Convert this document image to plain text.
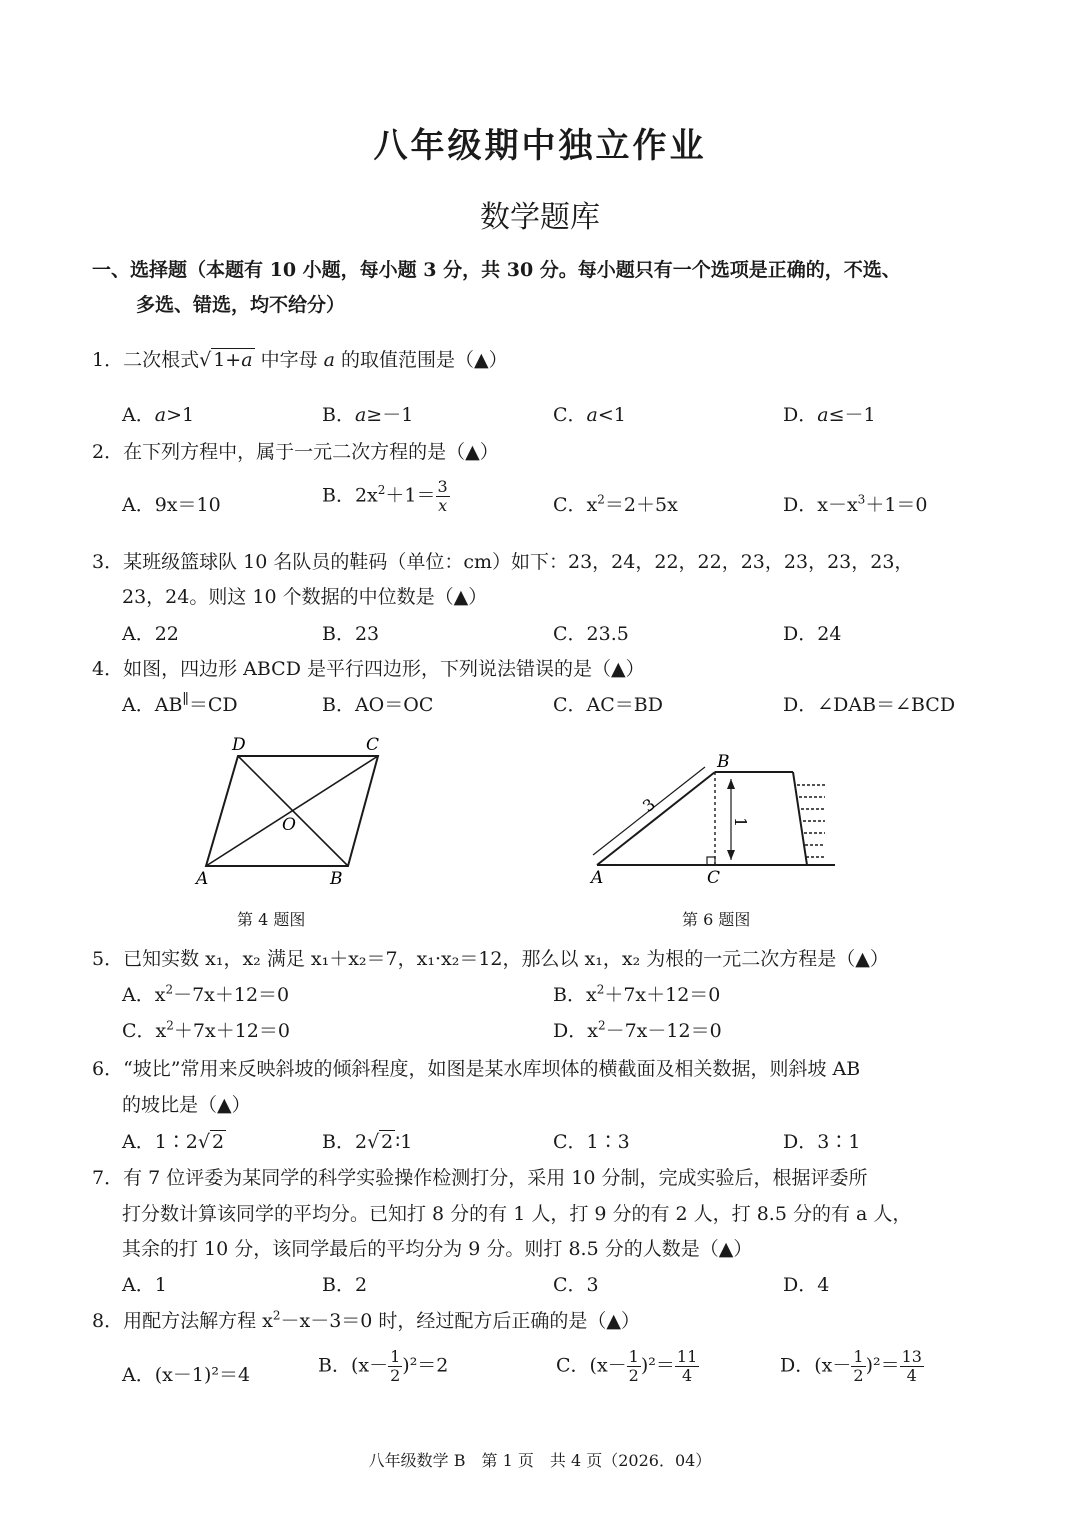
八年级期中独立作业
数学题库
一、选择题（本题有 10 小题，每小题 3 分，共 30 分。每小题只有一个选项是正确的，不选、
多选、错选，均不给分）
1．二次根式√ 1+a 中字母 a 的取值范围是（▲）
A．a>1	B．a≥－1	C．a<1	D．a≤－1
2．在下列方程中，属于一元二次方程的是（▲）
A．9x＝10	B．$2x^2+1= \frac{3}{x}$	C．$x^2=2+5x$	D．$x-x^3+1=0$
3．某班级篮球队 10 名队员的鞋码（单位：cm）如下：23，24，22，22，23，23，23，23，
23，24。则这 10 个数据的中位数是（▲）
A．22	B．23	C．23.5	D．24
4．如图，四边形 ABCD 是平行四边形，下列说法错误的是（▲）
A．AB∥＝CD	B．AO＝OC	C．AC＝BD	D．∠DAB＝∠BCD
D	C
A	B
O
第 4 题图
B
A	C
3
1
第 6 题图
5．已知实数 x₁，x₂ 满足 x₁＋x₂＝7，x₁·x₂＝12，那么以 x₁，x₂ 为根的一元二次方程是（▲）
A．$x^2-7x+12=0$	B．$x^2+7x+12=0$
C．$x^2+7x+12=0$	D．$x^2-7x-12=0$
6．“坡比”常用来反映斜坡的倾斜程度，如图是某水库坝体的横截面及相关数据，则斜坡 AB
的坡比是（▲）
A．1∶2√ 2	B．2√ 2 ∶1	C．1∶3	D．3∶1
7．有 7 位评委为某同学的科学实验操作检测打分，采用 10 分制，完成实验后，根据评委所
打分数计算该同学的平均分。已知打 8 分的有 1 人，打 9 分的有 2 人，打 8.5 分的有 a 人，
其余的打 10 分，该同学最后的平均分为 9 分。则打 8.5 分的人数是（▲）
A．1	B．2	C．3	D．4
8．用配方法解方程 $x^2-x-3=0$ 时，经过配方后正确的是（▲）
A．(x－1)²＝4	B．$(x- \frac{1}{2} )^2=2$	C．$(x- \frac{1}{2} )^2= \frac{11}{4}$	D．$(x- \frac{1}{2} )^2= \frac{13}{4}$
八年级数学 B　第 1 页　共 4 页（2026．04）
